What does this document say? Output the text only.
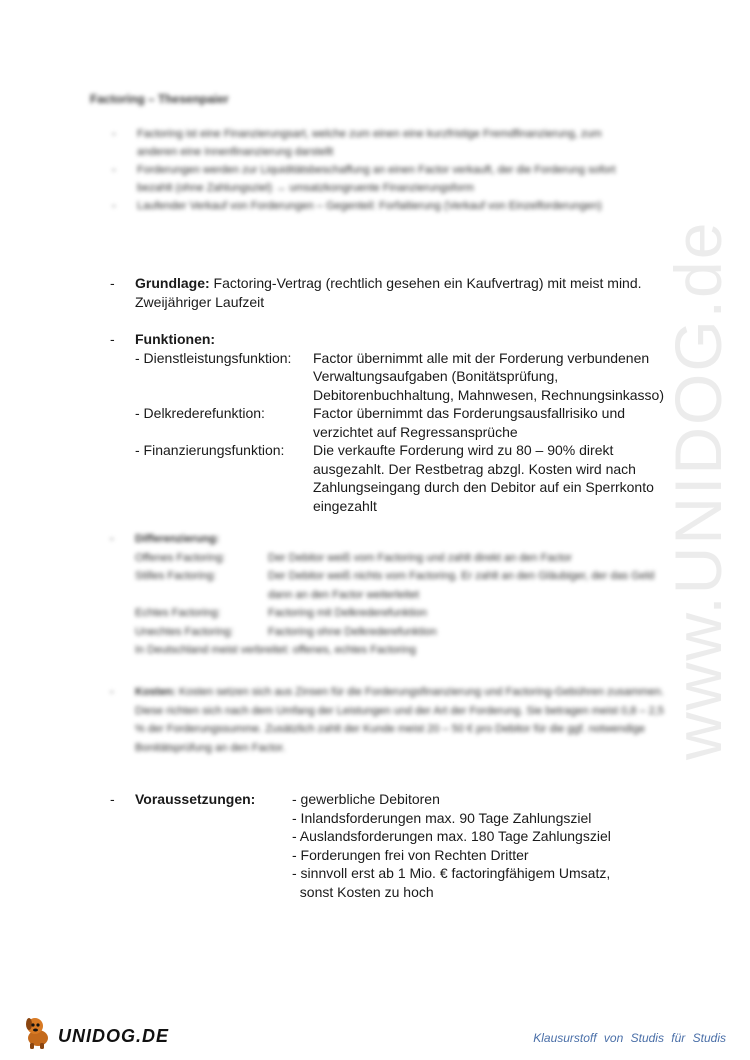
www.UNIDOG.de
Factoring – Thesenpaier
- Factoring ist eine Finanzierungsart, welche zum einen eine kurzfristige Fremdfinanzierung, zum anderen eine Innenfinanzierung darstellt
- Forderungen werden zur Liquiditätsbeschaffung an einen Factor verkauft, der die Forderung sofort bezahlt (ohne Zahlungsziel) → umsatzkongruente Finanzierungsform
- Laufender Verkauf von Forderungen – Gegenteil: Forfaitierung (Verkauf von Einzelforderungen)
- Grundlage: Factoring-Vertrag (rechtlich gesehen ein Kaufvertrag) mit meist mind. Zweijähriger Laufzeit
- Funktionen:
- Dienstleistungsfunktion:	Factor übernimmt alle mit der Forderung verbundenen Verwaltungsaufgaben (Bonitätsprüfung, Debitorenbuchhaltung, Mahnwesen, Rechnungsinkasso)
- Delkrederefunktion:	Factor übernimmt das Forderungsausfallrisiko und verzichtet auf Regressansprüche
- Finanzierungsfunktion:	Die verkaufte Forderung wird zu 80 – 90% direkt ausgezahlt. Der Restbetrag abzgl. Kosten wird nach Zahlungseingang durch den Debitor auf ein Sperrkonto eingezahlt
- Differenzierung:
Offenes Factoring:	Der Debitor weiß vom Factoring und zahlt direkt an den Factor
Stilles Factoring:	Der Debitor weiß nichts vom Factoring. Er zahlt an den Gläubiger, der das Geld dann an den Factor weiterleitet
Echtes Factoring:	Factoring mit Delkrederefunktion
Unechtes Factoring:	Factoring ohne Delkrederefunktion
In Deutschland meist verbreitet: offenes, echtes Factoring
- Kosten: Kosten setzen sich aus Zinsen für die Forderungsfinanzierung und Factoring-Gebühren zusammen. Diese richten sich nach dem Umfang der Leistungen und der Art der Forderung. Sie betragen meist 0,8 – 2,5 % der Forderungssumme. Zusätzlich zahlt der Kunde meist 20 – 50 € pro Debitor für die ggf. notwendige Bonitätsprüfung an den Factor.
- Voraussetzungen:	- gewerbliche Debitoren
- Inlandsforderungen max. 90 Tage Zahlungsziel
- Auslandsforderungen max. 180 Tage Zahlungsziel
- Forderungen frei von Rechten Dritter
- sinnvoll erst ab 1 Mio. € factoringfähigem Umsatz,
sonst Kosten zu hoch
UNIDOG.DE	Klausurstoff von Studis für Studis
